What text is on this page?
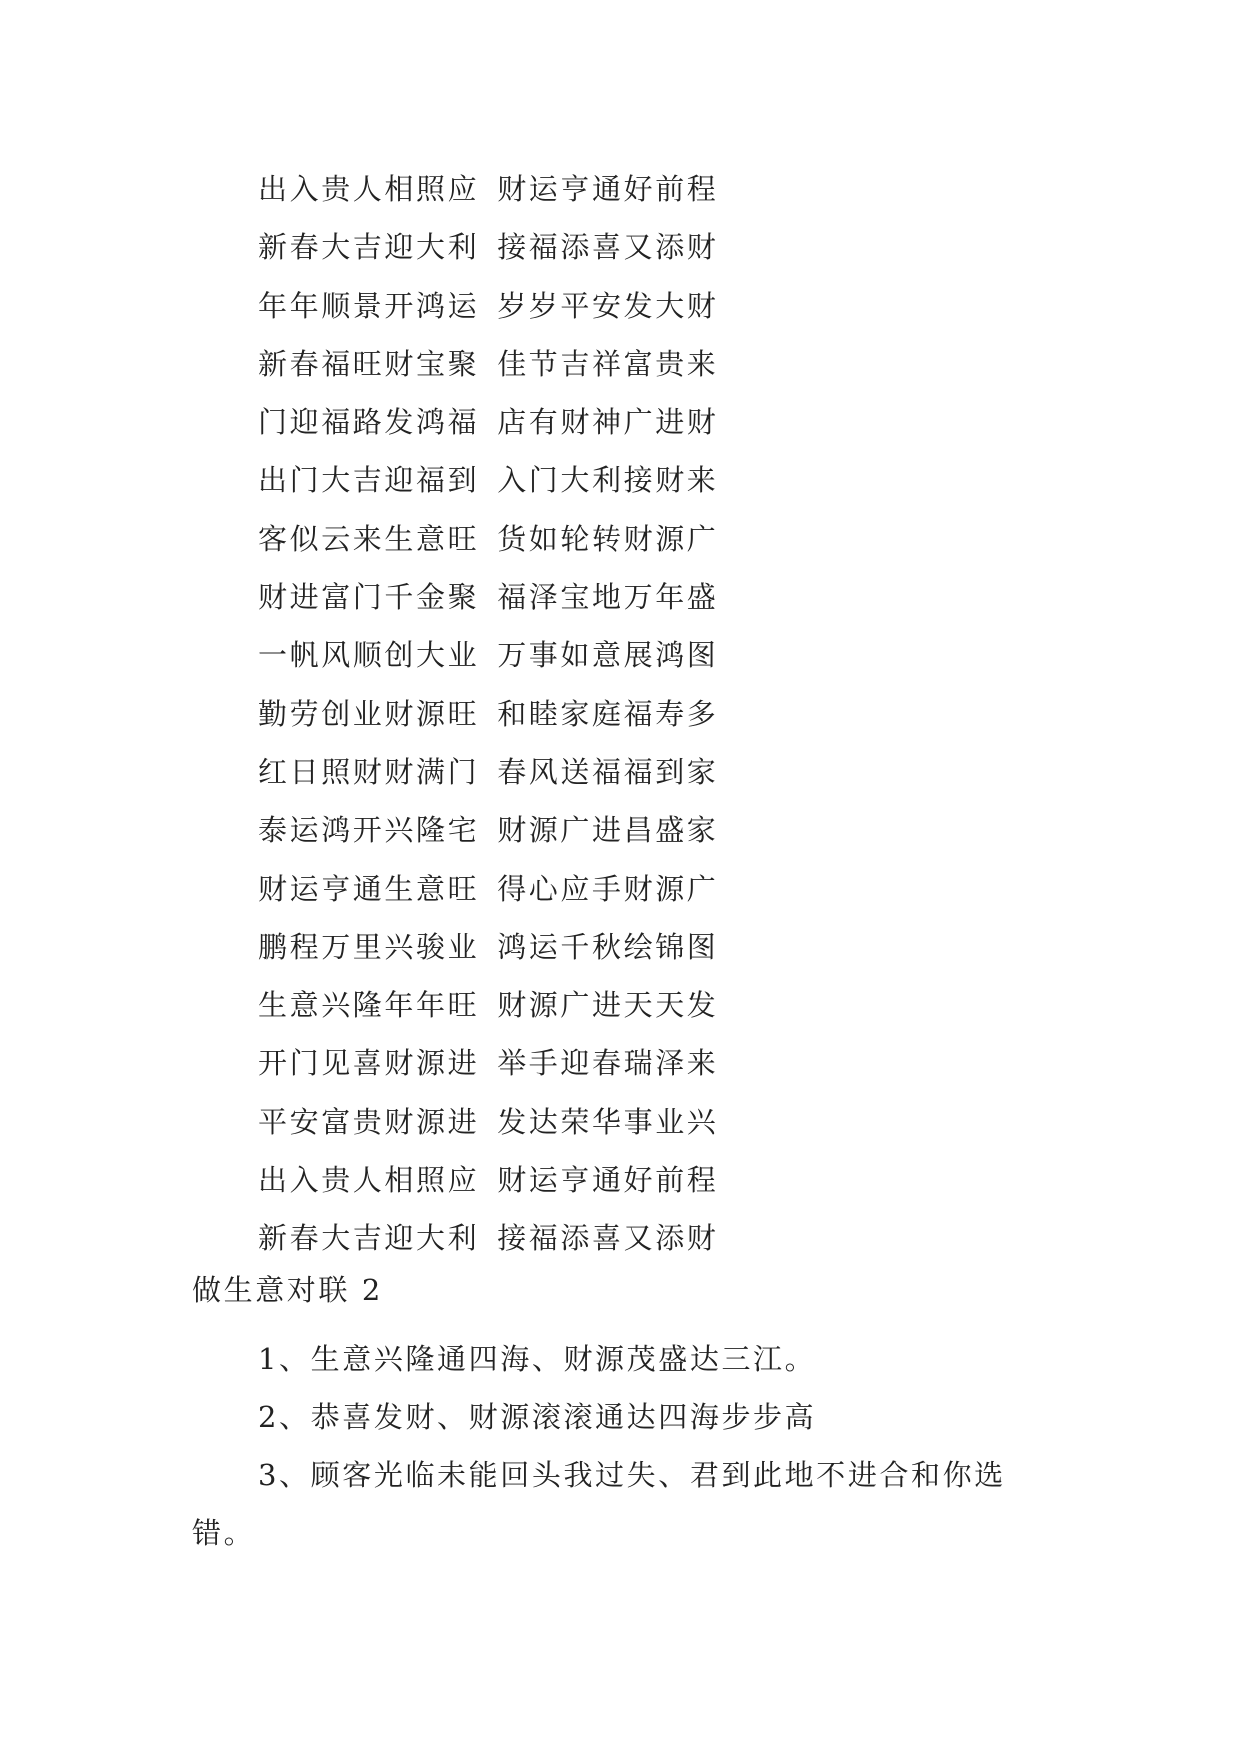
出入贵人相照应 财运亨通好前程
新春大吉迎大利 接福添喜又添财
年年顺景开鸿运 岁岁平安发大财
新春福旺财宝聚 佳节吉祥富贵来
门迎福路发鸿福 店有财神广进财
出门大吉迎福到 入门大利接财来
客似云来生意旺 货如轮转财源广
财进富门千金聚 福泽宝地万年盛
一帆风顺创大业 万事如意展鸿图
勤劳创业财源旺 和睦家庭福寿多
红日照财财满门 春风送福福到家
泰运鸿开兴隆宅 财源广进昌盛家
财运亨通生意旺 得心应手财源广
鹏程万里兴骏业 鸿运千秋绘锦图
生意兴隆年年旺 财源广进天天发
开门见喜财源进 举手迎春瑞泽来
平安富贵财源进 发达荣华事业兴
出入贵人相照应 财运亨通好前程
新春大吉迎大利 接福添喜又添财
做生意对联 2
1、生意兴隆通四海、财源茂盛达三江。
2、恭喜发财、财源滚滚通达四海步步高
3、顾客光临未能回头我过失、君到此地不进合和你选错。
